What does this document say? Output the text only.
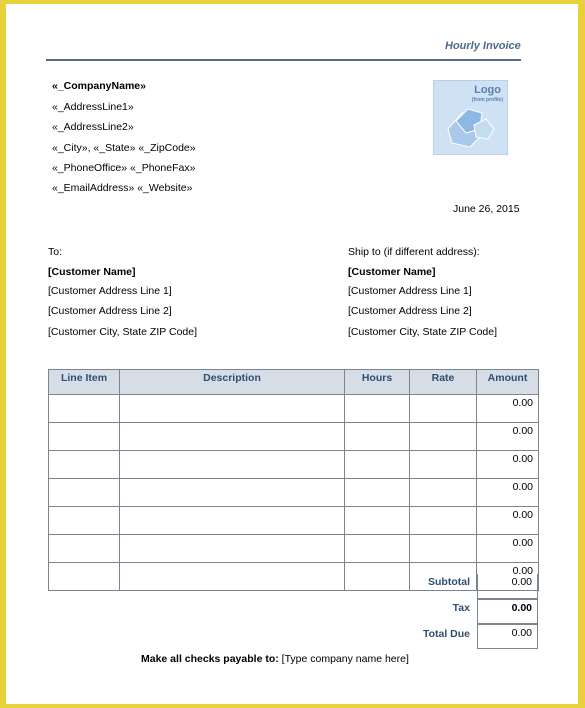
Hourly Invoice
«_CompanyName»
«_AddressLine1»
«_AddressLine2»
«_City», «_State» «_ZipCode»
«_PhoneOffice» «_PhoneFax»
«_EmailAddress» «_Website»
Logo
(from profile)
June 26, 2015
To:
[Customer Name]
[Customer Address Line 1]
[Customer Address Line 2]
[Customer City, State ZIP Code]
Ship to (if different address):
[Customer Name]
[Customer Address Line 1]
[Customer Address Line 2]
[Customer City, State ZIP Code]
Line Item	Description	Hours	Rate	Amount
				0.00
				0.00
				0.00
				0.00
				0.00
				0.00
				0.00
Subtotal	0.00
Tax	0.00
Total Due	0.00
Make all checks payable to: [Type company name here]
